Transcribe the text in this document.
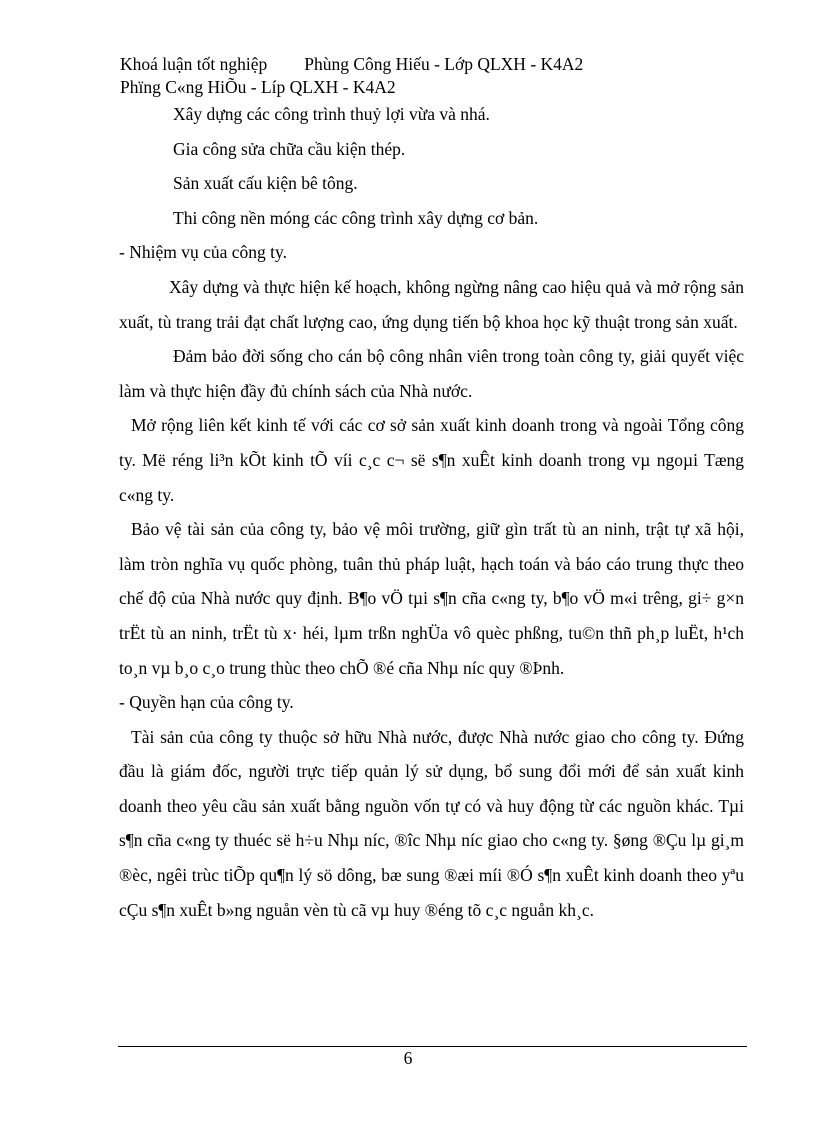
Khoá luận tốt nghiệp Phùng Công Hiếu - Lớp QLXH - K4A2
Phïng C«ng HiÕu - Líp QLXH - K4A2

Xây dựng các công trình thuỷ lợi vừa và nhá.

Gia công sửa chữa cầu kiện thép.

Sản xuất cấu kiện bê tông.

Thi công nền móng các công trình xây dựng cơ bản.

- Nhiệm vụ của công ty.

Xây dựng và thực hiện kế hoạch, không ngừng nâng cao hiệu quả và mở rộng sản xuất, tù trang trải đạt chất lượng cao, ứng dụng tiến bộ khoa học kỹ thuật trong sản xuất.

Đảm bảo đời sống cho cán bộ công nhân viên trong toàn công ty, giải quyết việc làm và thực hiện đầy đủ chính sách của Nhà nước.

Mở rộng liên kết kinh tế với các cơ sở sản xuất kinh doanh trong và ngoài Tổng công ty. Më réng li³n kÕt kinh tÕ víi c¸c c¬ së s¶n xuÊt kinh doanh trong vµ ngoµi Tæng c«ng ty.

Bảo vệ tài sản của công ty, bảo vệ môi trường, giữ gìn trất tù an ninh, trật tự xã hội, làm tròn nghĩa vụ quốc phòng, tuân thủ pháp luật, hạch toán và báo cáo trung thực theo chế độ của Nhà nước quy định. B¶o vÖ tµi s¶n cña c«ng ty, b¶o vÖ m«i trêng, gi÷ g×n trËt tù an ninh, trËt tù x· héi, lµm trßn nghÜa vô quèc phßng, tu©n thñ ph¸p luËt, h¹ch to¸n vµ b¸o c¸o trung thùc theo chÕ ®é cña Nhµ níc quy ®Þnh.

- Quyền hạn của công ty.

Tài sản của công ty thuộc sở hữu Nhà nước, được Nhà nước giao cho công ty. Đứng đầu là giám đốc, người trực tiếp quản lý sử dụng, bổ sung đổi mới để sản xuất kinh doanh theo yêu cầu sản xuất bằng nguồn vốn tự có và huy động từ các nguồn khác. Tµi s¶n cña c«ng ty thuéc së h÷u Nhµ níc, ®îc Nhµ níc giao cho c«ng ty. §øng ®Çu lµ gi¸m ®èc, ngêi trùc tiÕp qu¶n lý sö dông, bæ sung ®æi míi ®Ó s¶n xuÊt kinh doanh theo yªu cÇu s¶n xuÊt b»ng nguån vèn tù cã vµ huy ®éng tõ c¸c nguån kh¸c.

6
